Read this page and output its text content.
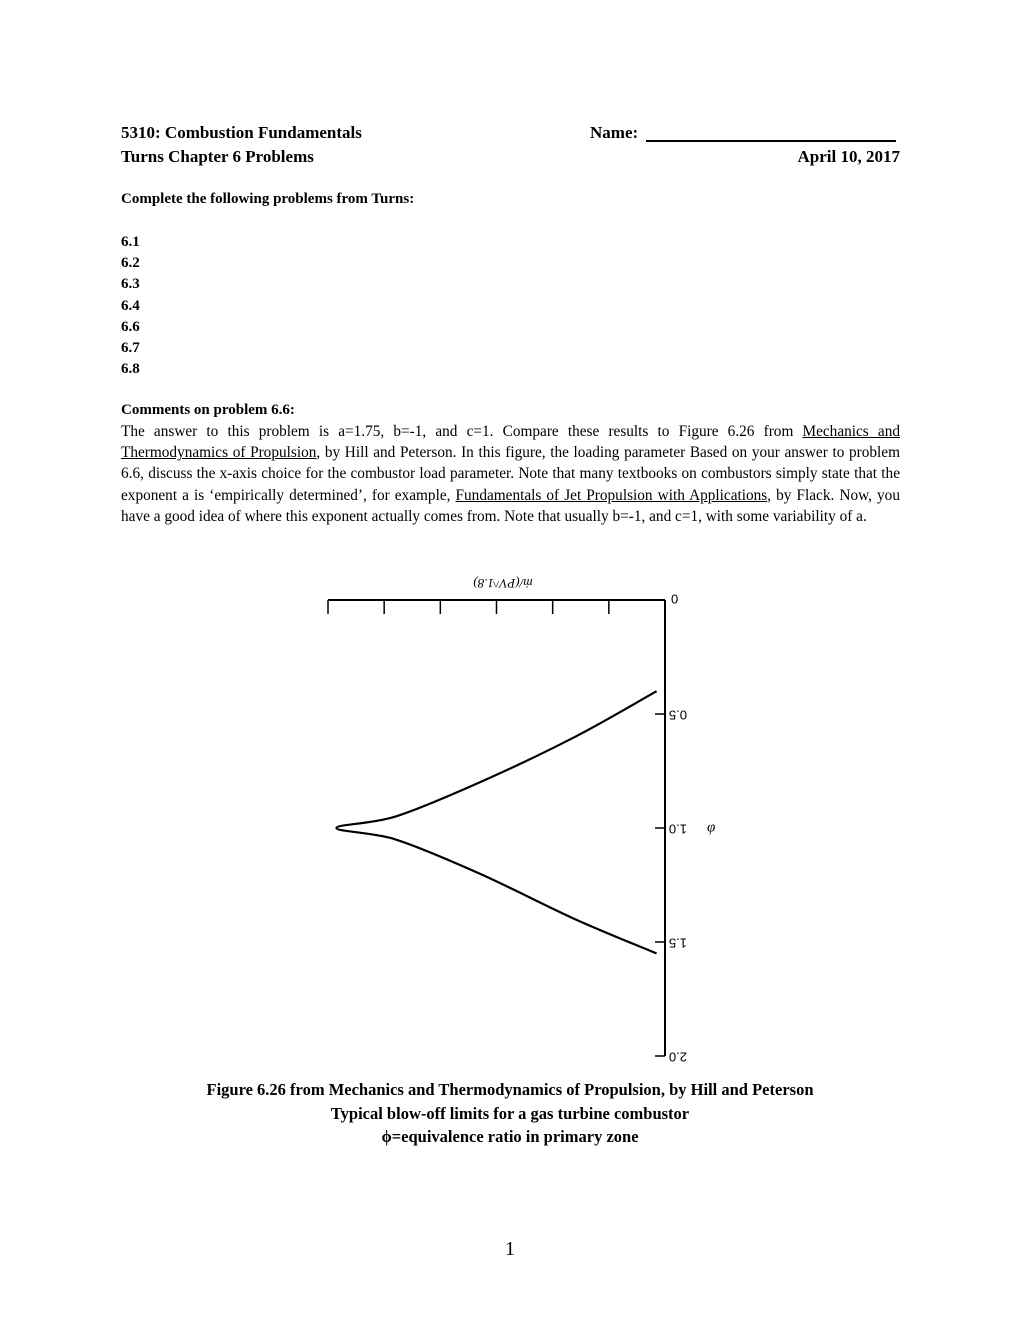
5310: Combustion Fundamentals	Name:
Turns Chapter 6 Problems	April 10, 2017
Complete the following problems from Turns:
6.1
6.2
6.3
6.4
6.6
6.7
6.8
Comments on problem 6.6:
The answer to this problem is a=1.75, b=-1, and c=1. Compare these results to Figure 6.26 from Mechanics and Thermodynamics of Propulsion, by Hill and Peterson. In this figure, the loading parameter Based on your answer to problem 6.6, discuss the x-axis choice for the combustor load parameter. Note that many textbooks on combustors simply state that the exponent a is ‘empirically determined’, for example, Fundamentals of Jet Propulsion with Applications, by Flack. Now, you have a good idea of where this exponent actually comes from. Note that usually b=-1, and c=1, with some variability of a.
0
0.5
1.0
1.5
2.0
φ
ṁ/(PV^1.8)
Figure 6.26 from Mechanics and Thermodynamics of Propulsion, by Hill and Peterson
Typical blow-off limits for a gas turbine combustor
ϕ=equivalence ratio in primary zone
1
